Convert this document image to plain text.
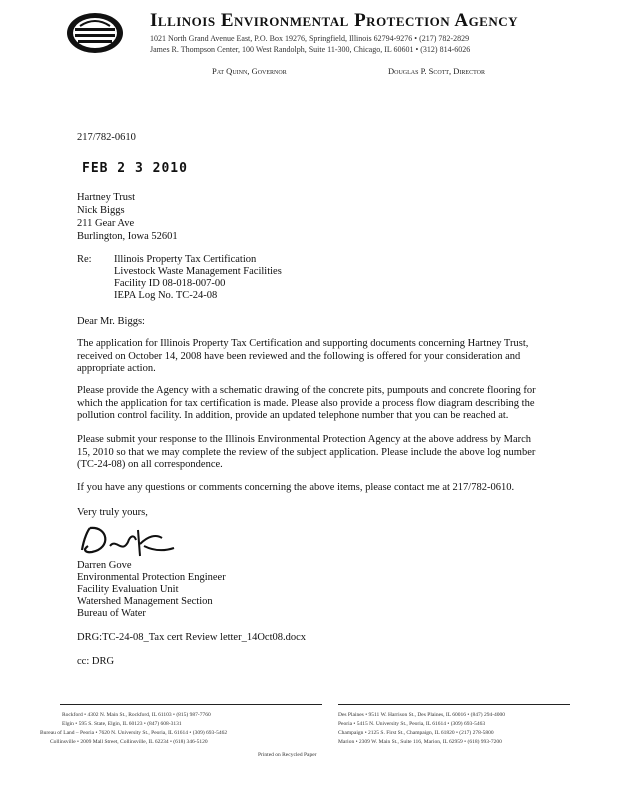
Illinois Environmental Protection Agency
1021 North Grand Avenue East, P.O. Box 19276, Springfield, Illinois 62794-9276 • (217) 782-2829
James R. Thompson Center, 100 West Randolph, Suite 11-300, Chicago, IL 60601 • (312) 814-6026
Pat Quinn, Governor	Douglas P. Scott, Director
217/782-0610
FEB 2 3 2010
Hartney Trust
Nick Biggs
211 Gear Ave
Burlington, Iowa 52601
Re: Illinois Property Tax Certification
Livestock Waste Management Facilities
Facility ID 08-018-007-00
IEPA Log No. TC-24-08
Dear Mr. Biggs:
The application for Illinois Property Tax Certification and supporting documents concerning Hartney Trust, received on October 14, 2008 have been reviewed and the following is offered for your consideration and appropriate action.
Please provide the Agency with a schematic drawing of the concrete pits, pumpouts and concrete flooring for which the application for tax certification is made. Please also provide a process flow diagram describing the pollution control facility. In addition, provide an updated telephone number that you can be reached at.
Please submit your response to the Illinois Environmental Protection Agency at the above address by March 15, 2010 so that we may complete the review of the subject application. Please include the above log number (TC-24-08) on all correspondence.
If you have any questions or comments concerning the above items, please contact me at 217/782-0610.
Very truly yours,
Darren Gove
Environmental Protection Engineer
Facility Evaluation Unit
Watershed Management Section
Bureau of Water
DRG:TC-24-08_Tax cert Review letter_14Oct08.docx
cc: DRG
Rockford • 4302 N. Main St., Rockford, IL 61103 • (815) 987-7760
Elgin • 595 S. State, Elgin, IL 60123 • (847) 608-3131
Bureau of Land – Peoria • 7620 N. University St., Peoria, IL 61614 • (309) 693-5462
Collinsville • 2009 Mall Street, Collinsville, IL 62234 • (618) 346-5120
Des Plaines • 9511 W. Harrison St., Des Plaines, IL 60016 • (847) 294-4000
Peoria • 5415 N. University St., Peoria, IL 61614 • (309) 693-5463
Champaign • 2125 S. First St., Champaign, IL 61820 • (217) 278-5800
Marion • 2309 W. Main St., Suite 116, Marion, IL 62959 • (618) 993-7200
Printed on Recycled Paper
